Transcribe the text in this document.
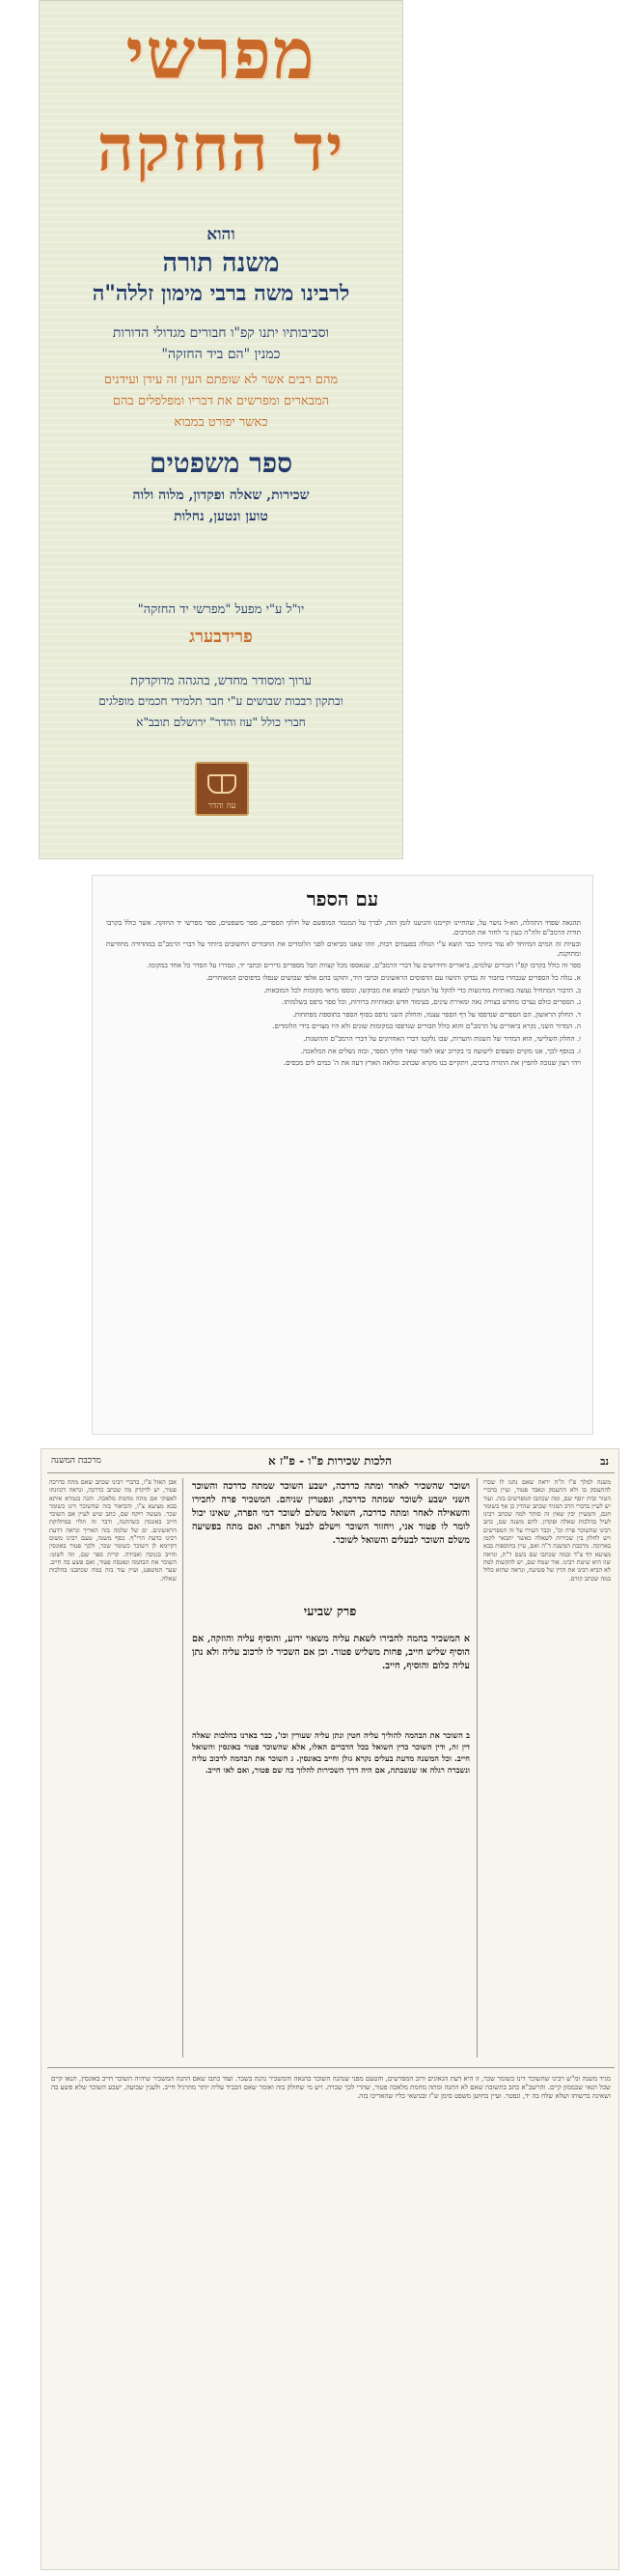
מפרשי
יד החזקה
והוא
משנה תורה
לרבינו משה ברבי מימון זללה"ה
וסביבותיו יתנו קפ"ו חבורים מגדולי הדורות
כמנין "הם ביד החזקה"
מהם רבים אשר לא שופתם העין זה עידן ועידנים
המבארים ומפרשים את דבריו ומפלפלים בהם
כאשר יפורט במבוא
ספר משפטים
שכירות, שאלה ופקדון, מלוה ולוה
טוען ונטען, נחלות
יו"ל ע"י מפעל "מפרשי יד החזקה"
פרידבערג
ערוך ומסודר מחדש, בהגהה מדוקדקת
ובתקון רבבות שבושים ע"י חבר תלמידי חכמים מופלגים
חברי כולל "עוז והדר" ירושלם תובב"א
עוז והדר
עם הספר

תהגאה שפחי התהלה, הא-ל נושר על, שהחיינו וקיימנו והגיענו לזמן הזה, לברך על המגמר המופשם של חלקי הספרים, ספר משפטים, ספר מפרשי יד החזקה. אשר כולל בקרבו תורת הרמב"ם זלה"ה כעין נר לחזר את המרבים.

ובעיות זה המים המיוחד לא עוד ביותר כבר הוצא ע"י הגולה בפעמים רבות, וזהו שאנו מביאים לפני הלומדים את החבורים החשובים ביותר על דברי הרמב"ם במהדורה מחודשת ומתוקנת.

ספר זה כולל בקרבו קפ"ו חבורים שלמים, ביאורים וחידושים על דברי הרמב"ם, שנאספו מכל קצוות תבל מספרים נדירים וכתבי יד, ונסדרו על הסדר כל אחד במקומו.

א. נגלה כל הספרים שנבחרו בחבור זה נבדקו והושוו עם הדפוסים הראשונים וכתבי היד, ותוקנו בהם אלפי שבושים שנפלו בדפוסים המאוחרים.

ב. הדבור המתחיל נעשה באותיות מודגשות כדי להקל על המעיין למצוא את מבוקשו, ונוספו מראי מקומות לכל המובאות.

ג. הספרים כולם נערכו מחדש בצורה נאה ומאירת עינים, בעימוד חדש ובאותיות ברורות, וכל ספר נדפס בשלמותו.

ד. החלק הראשון, הם הספרים שנדפסו על דף הספר עצמו, והחלק השני נדפס בסוף הספר בתוספת מפתחות.

ה. המדור השני, נקרא ביאורים על הרמב"ם והוא כולל חבורים שנדפסו במקומות שונים ולא היו מצויים בידי הלומדים.

ו. החלק השלישי, הוא המדור של השגות והערות, שבו נלקטו דברי האחרונים על דברי הרמב"ם וההשגות.

ז. בנוסף לכך, אנו מקוים ומצפים לישועה כי בקרוב יצאו לאור שאר חלקי הספר, ובזה נשלים את המלאכה.

ויהי רצון שנזכה להפיץ את התורה ברבים, ויתקיים בנו מקרא שכתוב ומלאה הארץ דעה את ה' כמים לים מכסים.

נב
הלכות שכירות פ"ו - פ"ז א
מרכבת המשנה
משנה למלך פ"ו ה"ה יראה שאם נתנו לו שכרו להתעסק בו ולא התעסק ונאבד פטור, ועיין בדברי הטור ובית יוסף שם, ומה שכתבו המפרשים בזה. ועוד יש לעיין בדברי הרב המגיד שכתב שהדין כן אף בשומר חנם, והמעיין יבין שאין זה סותר למה שכתב רבינו לעיל בהלכות שאלה ופקדון. לחם משנה שם, כתב רבינו שהשוכר פרה וכו', וכבר העירו על זה המפרשים ויש לחלק בין שכירות לשאלה כאשר יתבאר לקמן בארוכה. מרכבת המשנה ד"ה ואם, עיין בתוספות בבא מציעא דף צ"ד ובמה שכתבו שם בשם ר"ת, ונראה שזו היא שיטת רבינו. אור שמח שם, יש להקשות למה לא הביא רבינו את הדין של פשיעה, ונראה שהוא כלול במה שכתב קודם.
אבן האזל פ"ו, בדברי רבינו שכתב שאם מתה כדרכה פטור, יש לדקדק מה שכתב כדרכה, ונראה דכוונתו לאפוקי אם מתה מחמת מלאכה. והנה בגמרא איתא בבא מציעא צ"ו, והביאור בזה שהשוכר דינו כשומר שכר. מעשה רוקח שם, כתב שיש לעיין אם השוכר חייב באונסין כשהתנה, ודבר זה תלוי במחלוקת הראשונים. ים של שלמה בזה האריך ונראה דדעת רבינו כדעת הרי"ף. כסף משנה, טעם רבינו משום דקיימא לן דשוכר כשומר שכר, ולכך פטור באונסין וחייב בגניבה ואבידה. קרית ספר שם, וזה לשונו: השוכר את הבהמה ונאנסה פטור, ואם פשע בה חייב. שער המשפט, ועיין עוד בזה במה שכתבנו בהלכות שאלה.
ושוכר שהשכיר לאחר ומתה כדרכה, ישבע השוכר שמתה כדרכה והשוכר השני ישבע לשוכר שמתה כדרכה, ונפטרין שניהם. המשכיר פרה לחבירו והשאילה לאחר ומתה כדרכה, השואל משלם לשוכר דמי הפרה, שאינו יכול לומר לו פטור אני, ויחזור השוכר וישלם לבעל הפרה. ואם מתה בפשיעה משלם השוכר לבעלים והשואל לשוכר.
פרק שביעי
א המשכיר בהמה לחבירו לשאת עליה משאוי ידוע, והוסיף עליה והוזקה, אם הוסיף שליש חייב, פחות משליש פטור. וכן אם השכיר לו לרכוב עליה ולא נתן עליה כלום והוסיף, חייב.
ב השוכר את הבהמה להוליך עליה חטין ונתן עליה שעורין וכו', כבר בארנו בהלכות שאלה דין זה, ודין השוכר כדין השואל בכל הדברים האלו, אלא שהשוכר פטור באונסין והשואל חייב. וכל המשנה מדעת בעלים נקרא גזלן וחייב באונסין. ג השוכר את הבהמה לרכוב עליה ונשברה רגלה או שנשבתה, אם היה דרך השכירות להלוך בה שם פטור, ואם לאו חייב.
מגיד משנה ומ"ש רבינו שהשוכר דינו כשומר שכר, זו היא דעת הגאונים ורוב המפרשים, והטעם מפני שנהנה השוכר בהנאה והמשכיר נהנה בשכר. ועוד כתבו שאם התנה המשכיר שיהיה השוכר חייב באונסין, תנאו קיים שכל תנאי שבממון קיים. והרשב"א כתב בתשובה שאם לא התנה ומתה מחמת מלאכה פטור, שהרי לכך שכרה. ויש מי שחולק בזה ואומר שאם הכביד עליה יותר מהרגיל חייב. ולענין שבועה, ישבע השוכר שלא פשע בה ושאינה ברשותו ושלא שלח בה יד, ונפטר. ועיין בחושן משפט סימן ש"ז ובנושאי כליו שהאריכו בזה.
